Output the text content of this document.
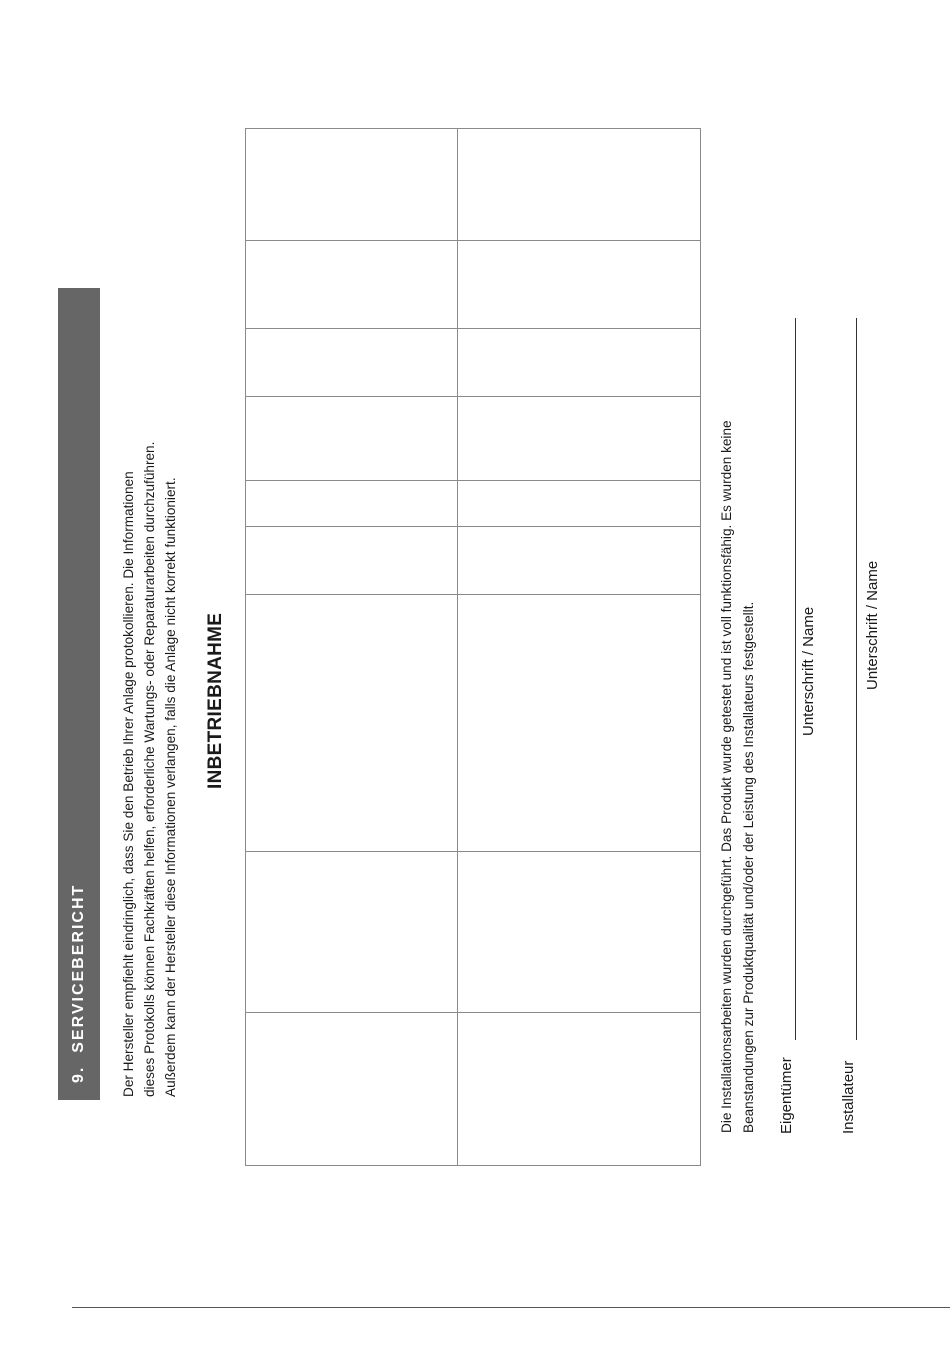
9.  SERVICEBERICHT	Der Hersteller empfiehlt eindringlich, dass Sie den Betrieb Ihrer Anlage protokollieren. Die Informationen dieses Protokolls können Fachkräften helfen, erforderliche Wartungs- oder Reparaturarbeiten durchzuführen. Außerdem kann der Hersteller diese Informationen verlangen, falls die Anlage nicht korrekt funktioniert. INBETRIEBNAHME	Die Installationsarbeiten wurden durchgeführt. Das Produkt wurde getestet und ist voll funktionsfähig. Es wurden keine Beanstandungen zur Produktqualität und/oder der Leistung des Installateurs festgestellt. Eigentümer
Unterschrift / Name
Installateur
Unterschrift / Name
